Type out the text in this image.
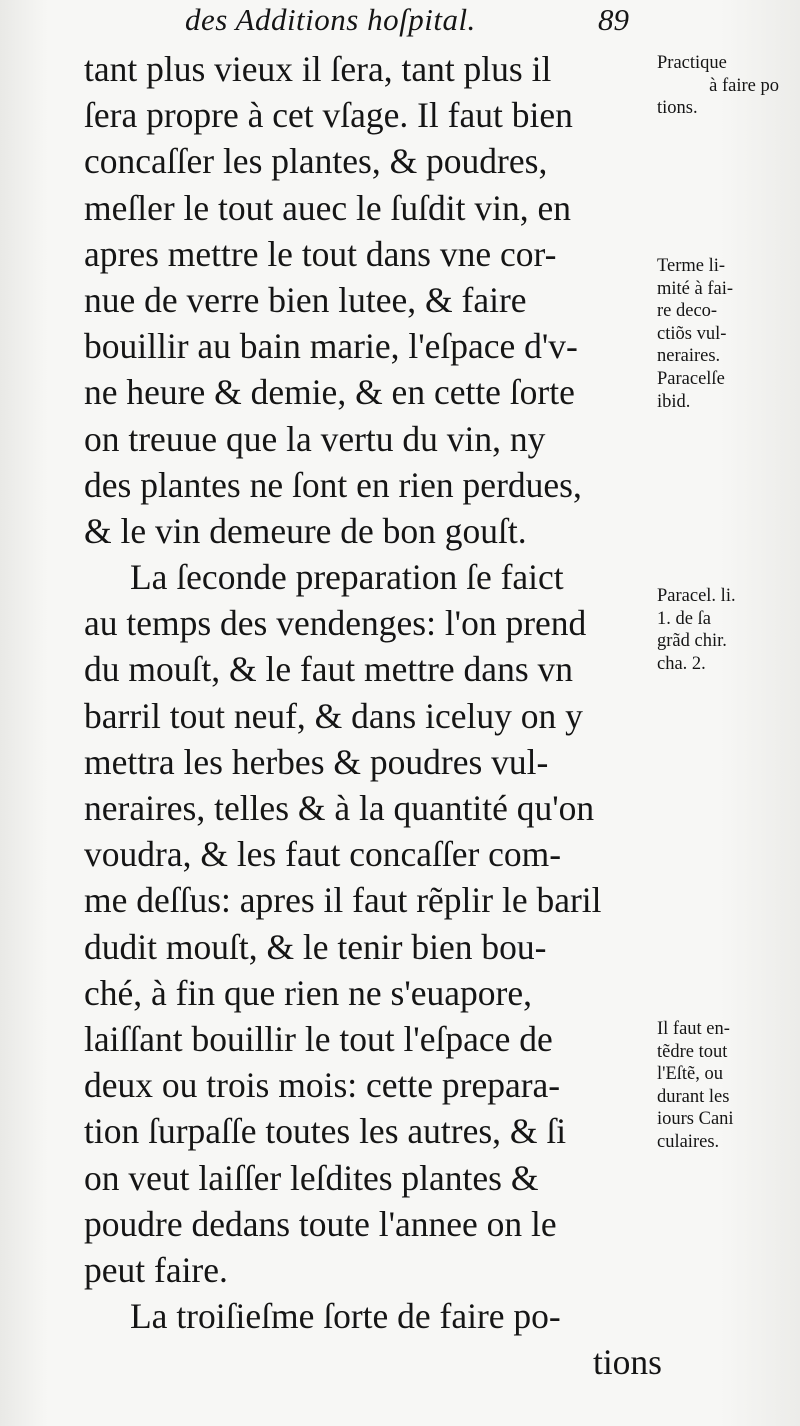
des Additions hoſpital.	89
tant plus vieux il ſera, tant plus il
ſera propre à cet vſage. Il faut bien
concaſſer les plantes, & poudres,
meſler le tout auec le ſuſdit vin, en
apres mettre le tout dans vne cor-
nue de verre bien lutee, & faire
bouillir au bain marie, l'eſpace d'v-
ne heure & demie, & en cette ſorte
on treuue que la vertu du vin, ny
des plantes ne ſont en rien perdues,
& le vin demeure de bon gouſt.
La ſeconde preparation ſe faict
au temps des vendenges: l'on prend
du mouſt, & le faut mettre dans vn
barril tout neuf, & dans iceluy on y
mettra les herbes & poudres vul-
neraires, telles & à la quantité qu'on
voudra, & les faut concaſſer com-
me deſſus: apres il faut rẽplir le baril
dudit mouſt, & le tenir bien bou-
ché, à fin que rien ne s'euapore,
laiſſant bouillir le tout l'eſpace de
deux ou trois mois: cette prepara-
tion ſurpaſſe toutes les autres, & ſi
on veut laiſſer leſdites plantes &
poudre dedans toute l'annee on le
peut faire.
La troiſieſme ſorte de faire po-
tions
Practique
à faire po
tions.
Terme li-
mité à fai-
re deco-
ctiõs vul-
neraires.
Paracelſe
ibid.
Paracel. li.
1. de ſa
grãd chir.
cha. 2.
Il faut en-
tẽdre tout
l'Eſtẽ, ou
durant les
iours Cani
culaires.
